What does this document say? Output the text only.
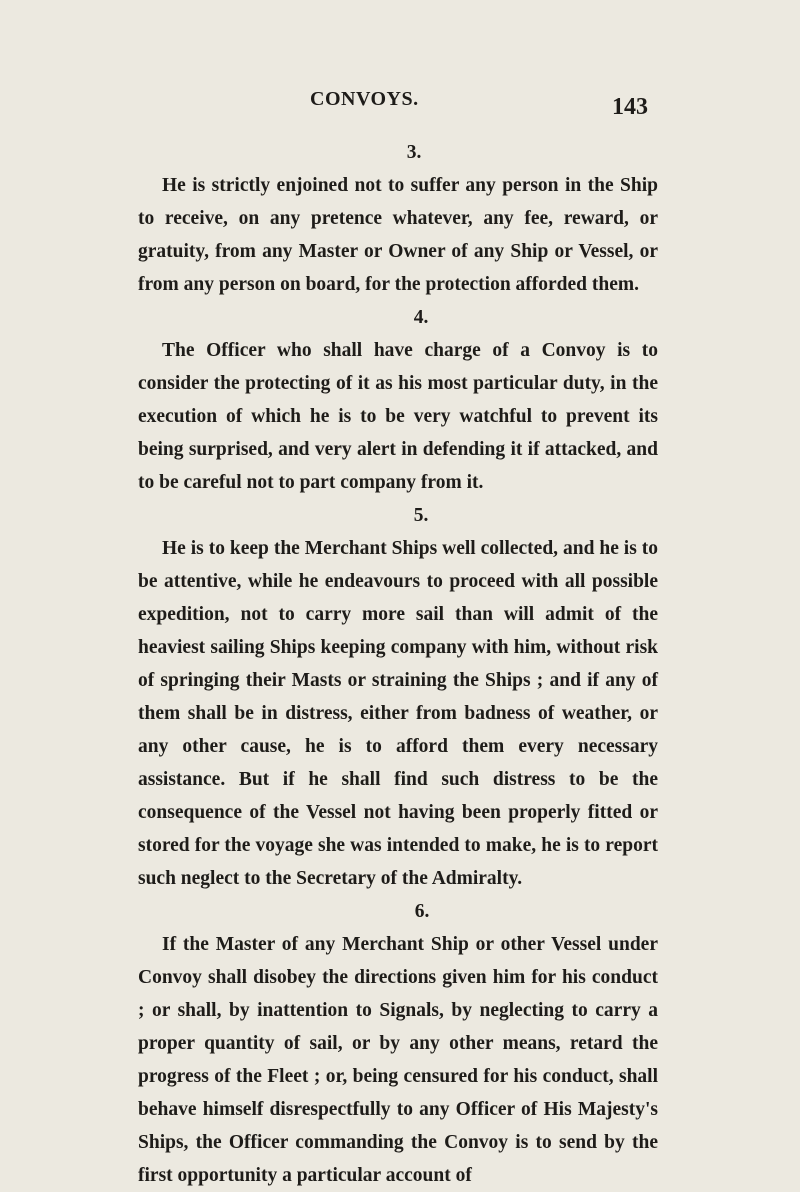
CONVOYS.	143

3.

He is strictly enjoined not to suffer any person in the Ship to receive, on any pretence whatever, any fee, reward, or gratuity, from any Master or Owner of any Ship or Vessel, or from any person on board, for the protection afforded them.

4.

The Officer who shall have charge of a Convoy is to consider the protecting of it as his most particular duty, in the execution of which he is to be very watchful to prevent its being surprised, and very alert in defending it if attacked, and to be careful not to part company from it.

5.

He is to keep the Merchant Ships well collected, and he is to be attentive, while he endeavours to proceed with all possible expedition, not to carry more sail than will admit of the heaviest sailing Ships keeping company with him, without risk of springing their Masts or straining the Ships ; and if any of them shall be in distress, either from badness of weather, or any other cause, he is to afford them every necessary assistance. But if he shall find such distress to be the consequence of the Vessel not having been properly fitted or stored for the voyage she was intended to make, he is to report such neglect to the Secretary of the Admiralty.

6.

If the Master of any Merchant Ship or other Vessel under Convoy shall disobey the directions given him for his conduct ; or shall, by inattention to Signals, by neglecting to carry a proper quantity of sail, or by any other means, retard the progress of the Fleet ; or, being censured for his conduct, shall behave himself disrespectfully to any Officer of His Majesty's Ships, the Officer commanding the Convoy is to send by the first opportunity a particular account of
